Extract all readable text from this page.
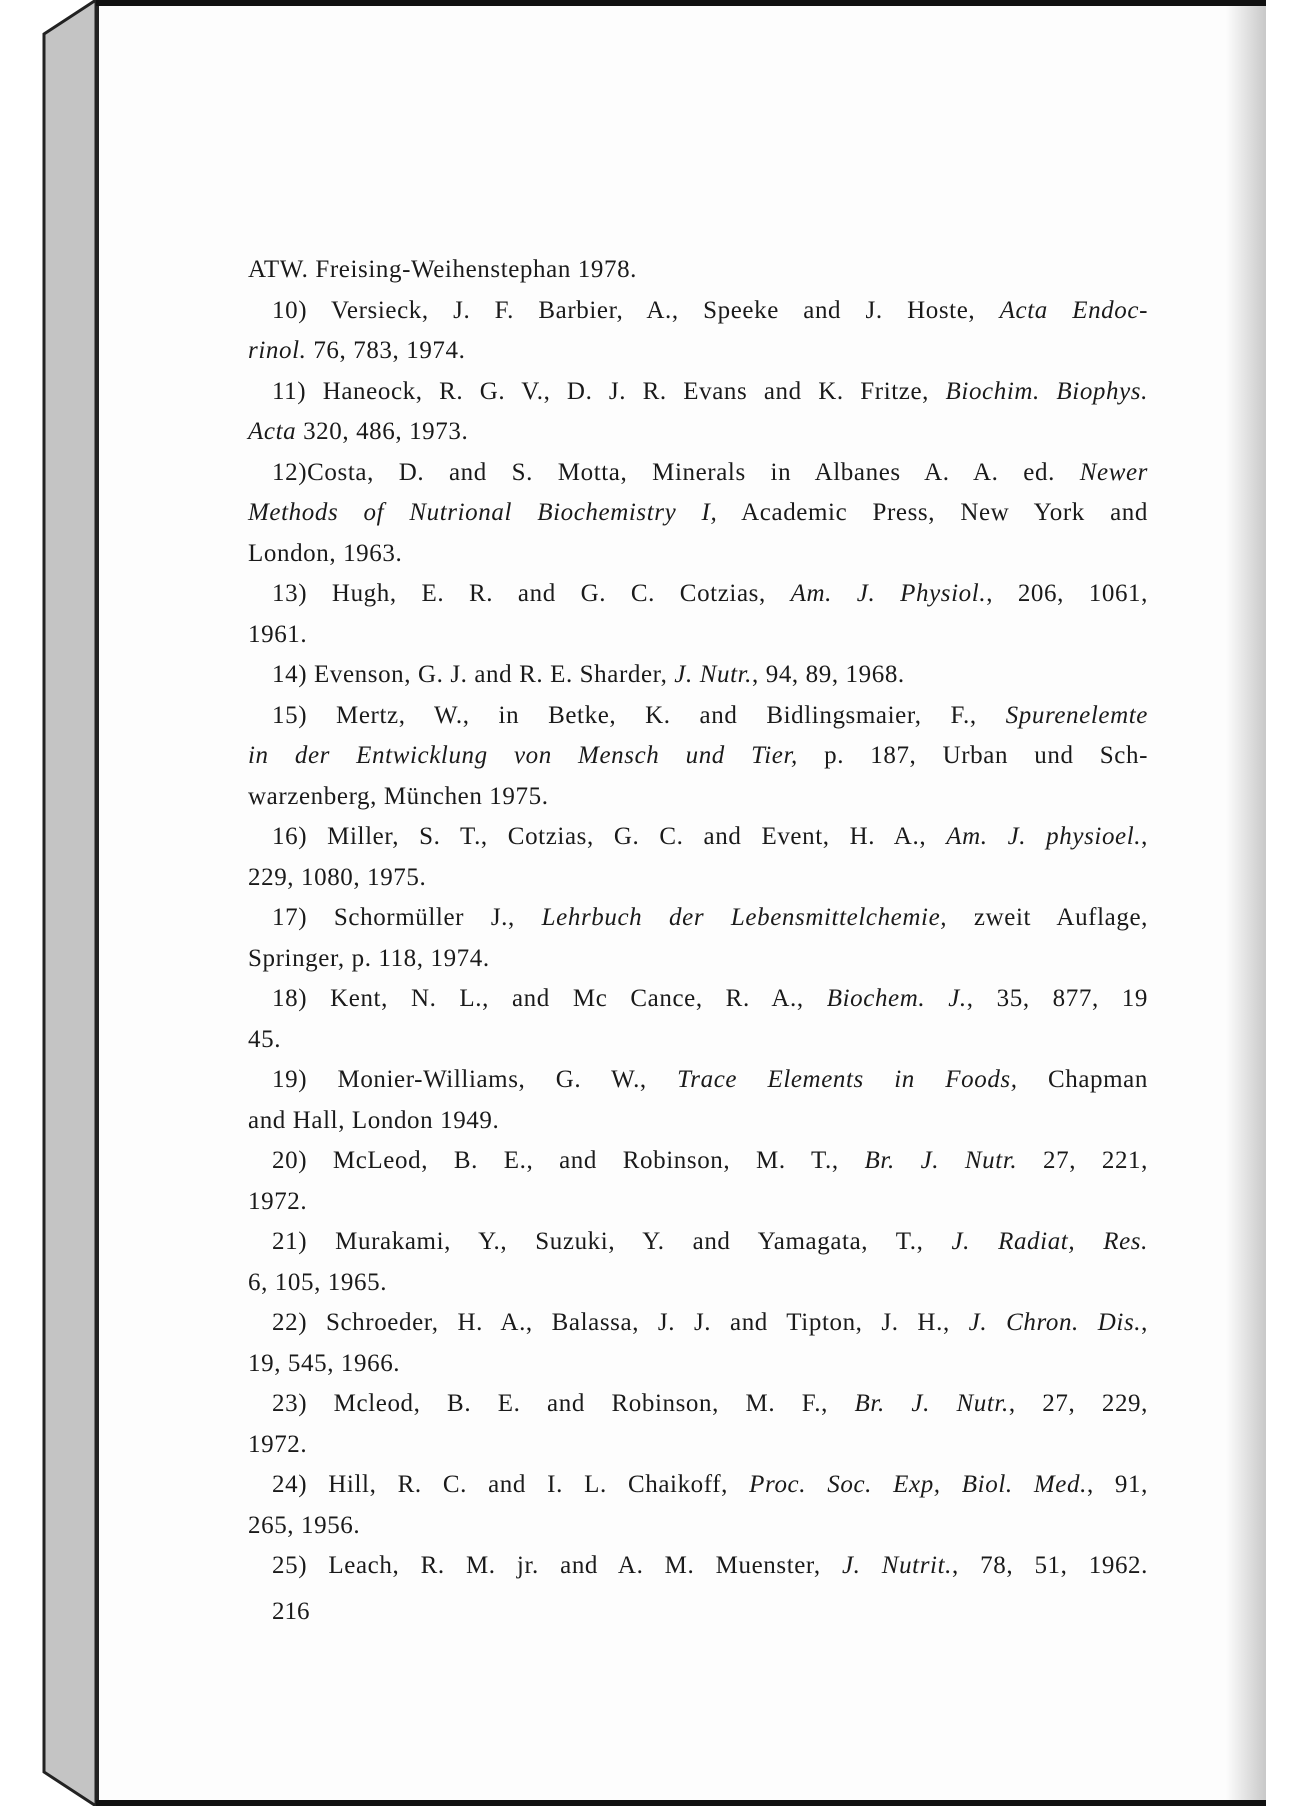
ATW. Freising-Weihenstephan 1978.
10) Versieck, J. F. Barbier, A., Speeke and J. Hoste, Acta Endoc-
rinol. 76, 783, 1974.
11) Haneock, R. G. V., D. J. R. Evans and K. Fritze, Biochim. Biophys.
Acta 320, 486, 1973.
12)Costa, D. and S. Motta, Minerals in Albanes A. A. ed. Newer
Methods of Nutrional Biochemistry I, Academic Press, New York and
London, 1963.
13) Hugh, E. R. and G. C. Cotzias, Am. J. Physiol., 206, 1061,
1961.
14) Evenson, G. J. and R. E. Sharder, J. Nutr., 94, 89, 1968.
15) Mertz, W., in Betke, K. and Bidlingsmaier, F., Spurenelemte
in der Entwicklung von Mensch und Tier, p. 187, Urban und Sch-
warzenberg, München 1975.
16) Miller, S. T., Cotzias, G. C. and Event, H. A., Am. J. physioel.,
229, 1080, 1975.
17) Schormüller J., Lehrbuch der Lebensmittelchemie, zweit Auflage,
Springer, p. 118, 1974.
18) Kent, N. L., and Mc Cance, R. A., Biochem. J., 35, 877, 19
45.
19) Monier-Williams, G. W., Trace Elements in Foods, Chapman
and Hall, London 1949.
20) McLeod, B. E., and Robinson, M. T., Br. J. Nutr. 27, 221,
1972.
21) Murakami, Y., Suzuki, Y. and Yamagata, T., J. Radiat, Res.
6, 105, 1965.
22) Schroeder, H. A., Balassa, J. J. and Tipton, J. H., J. Chron. Dis.,
19, 545, 1966.
23) Mcleod, B. E. and Robinson, M. F., Br. J. Nutr., 27, 229,
1972.
24) Hill, R. C. and I. L. Chaikoff, Proc. Soc. Exp, Biol. Med., 91,
265, 1956.
25) Leach, R. M. jr. and A. M. Muenster, J. Nutrit., 78, 51, 1962.
216
